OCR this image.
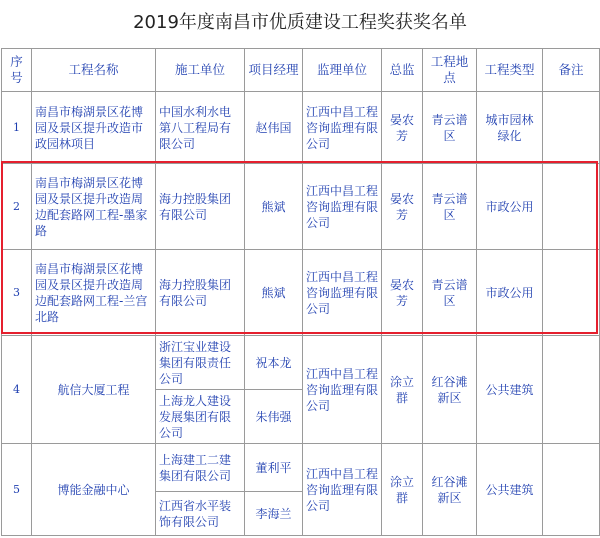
2019年度南昌市优质建设工程奖获奖名单
序号	工程名称	施工单位	项目经理	监理单位	总监	工程地点	工程类型	备注
1	南昌市梅湖景区花博园及景区提升改造市政园林项目	中国水利水电第八工程局有限公司	赵伟国	江西中昌工程咨询监理有限公司	晏农芳	青云谱区	城市园林绿化	
2	南昌市梅湖景区花博园及景区提升改造周边配套路网工程-墨家路	海力控股集团有限公司	熊斌	江西中昌工程咨询监理有限公司	晏农芳	青云谱区	市政公用	
3	南昌市梅湖景区花博园及景区提升改造周边配套路网工程-兰宫北路	海力控股集团有限公司	熊斌	江西中昌工程咨询监理有限公司	晏农芳	青云谱区	市政公用	
4	航信大厦工程	浙江宝业建设集团有限责任公司	祝本龙	江西中昌工程咨询监理有限公司	涂立群	红谷滩新区	公共建筑	
		上海龙人建设发展集团有限公司	朱伟强					
5	博能金融中心	上海建工二建集团有限公司	董利平	江西中昌工程咨询监理有限公司	涂立群	红谷滩新区	公共建筑	
		江西省水平装饰有限公司	李海兰					
